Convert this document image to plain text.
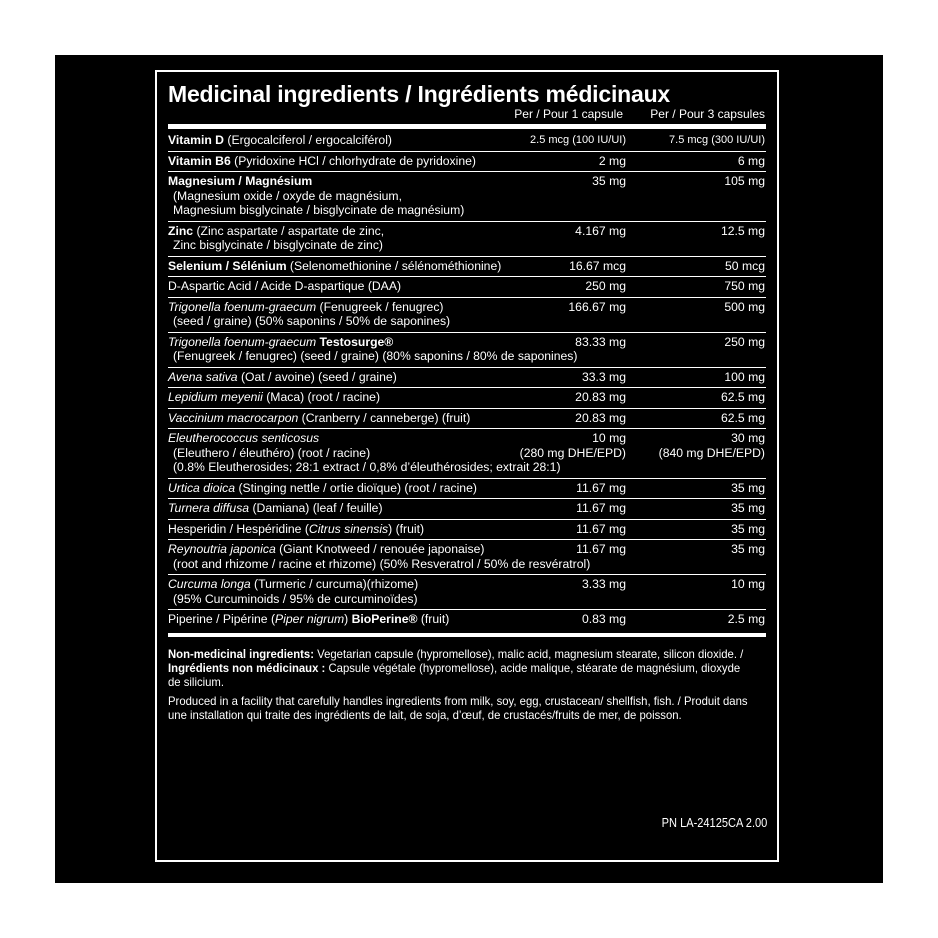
Medicinal ingredients / Ingrédients médicinaux
Per / Pour 1 capsule Per / Pour 3 capsules
Vitamin D (Ergocalciferol / ergocalciférol)	2.5 mcg (100 IU/UI)	7.5 mcg (300 IU/UI)
Vitamin B6 (Pyridoxine HCl / chlorhydrate de pyridoxine)	2 mg	6 mg
Magnesium / Magnésium
(Magnesium oxide / oxyde de magnésium,
Magnesium bisglycinate / bisglycinate de magnésium)
35 mg	105 mg
Zinc (Zinc aspartate / aspartate de zinc,
Zinc bisglycinate / bisglycinate de zinc)
4.167 mg	12.5 mg
Selenium / Sélénium (Selenomethionine / sélénométhionine)	16.67 mcg	50 mcg
D-Aspartic Acid / Acide D-aspartique (DAA)	250 mg	750 mg
Trigonella foenum-graecum (Fenugreek / fenugrec)
(seed / graine) (50% saponins / 50% de saponines)
166.67 mg	500 mg
Trigonella foenum-graecum Testosurge®
(Fenugreek / fenugrec) (seed / graine) (80% saponins / 80% de saponines)
83.33 mg	250 mg
Avena sativa (Oat / avoine) (seed / graine)	33.3 mg	100 mg
Lepidium meyenii (Maca) (root / racine)	20.83 mg	62.5 mg
Vaccinium macrocarpon (Cranberry / canneberge) (fruit)	20.83 mg	62.5 mg
Eleutherococcus senticosus
(Eleuthero / éleuthéro) (root / racine)
(0.8% Eleutherosides; 28:1 extract / 0,8% d’éleuthérosides; extrait 28:1)
10 mg	30 mg
(280 mg DHE/EPD)	(840 mg DHE/EPD)
Urtica dioica (Stinging nettle / ortie dioïque) (root / racine)	11.67 mg	35 mg
Turnera diffusa (Damiana) (leaf / feuille)	11.67 mg	35 mg
Hesperidin / Hespéridine (Citrus sinensis) (fruit)	11.67 mg	35 mg
Reynoutria japonica (Giant Knotweed / renouée japonaise)
(root and rhizome / racine et rhizome) (50% Resveratrol / 50% de resvératrol)
11.67 mg	35 mg
Curcuma longa (Turmeric / curcuma)(rhizome)
(95% Curcuminoids / 95% de curcuminoïdes)
3.33 mg	10 mg
Piperine / Pipérine (Piper nigrum) BioPerine® (fruit)	0.83 mg	2.5 mg
Non-medicinal ingredients: Vegetarian capsule (hypromellose), malic acid, magnesium stearate, silicon dioxide. / Ingrédients non médicinaux : Capsule végétale (hypromellose), acide malique, stéarate de magnésium, dioxyde de silicium.
Produced in a facility that carefully handles ingredients from milk, soy, egg, crustacean/ shellfish, fish. / Produit dans une installation qui traite des ingrédients de lait, de soja, d’œuf, de crustacés/fruits de mer, de poisson.
PN LA-24125CA 2.00
